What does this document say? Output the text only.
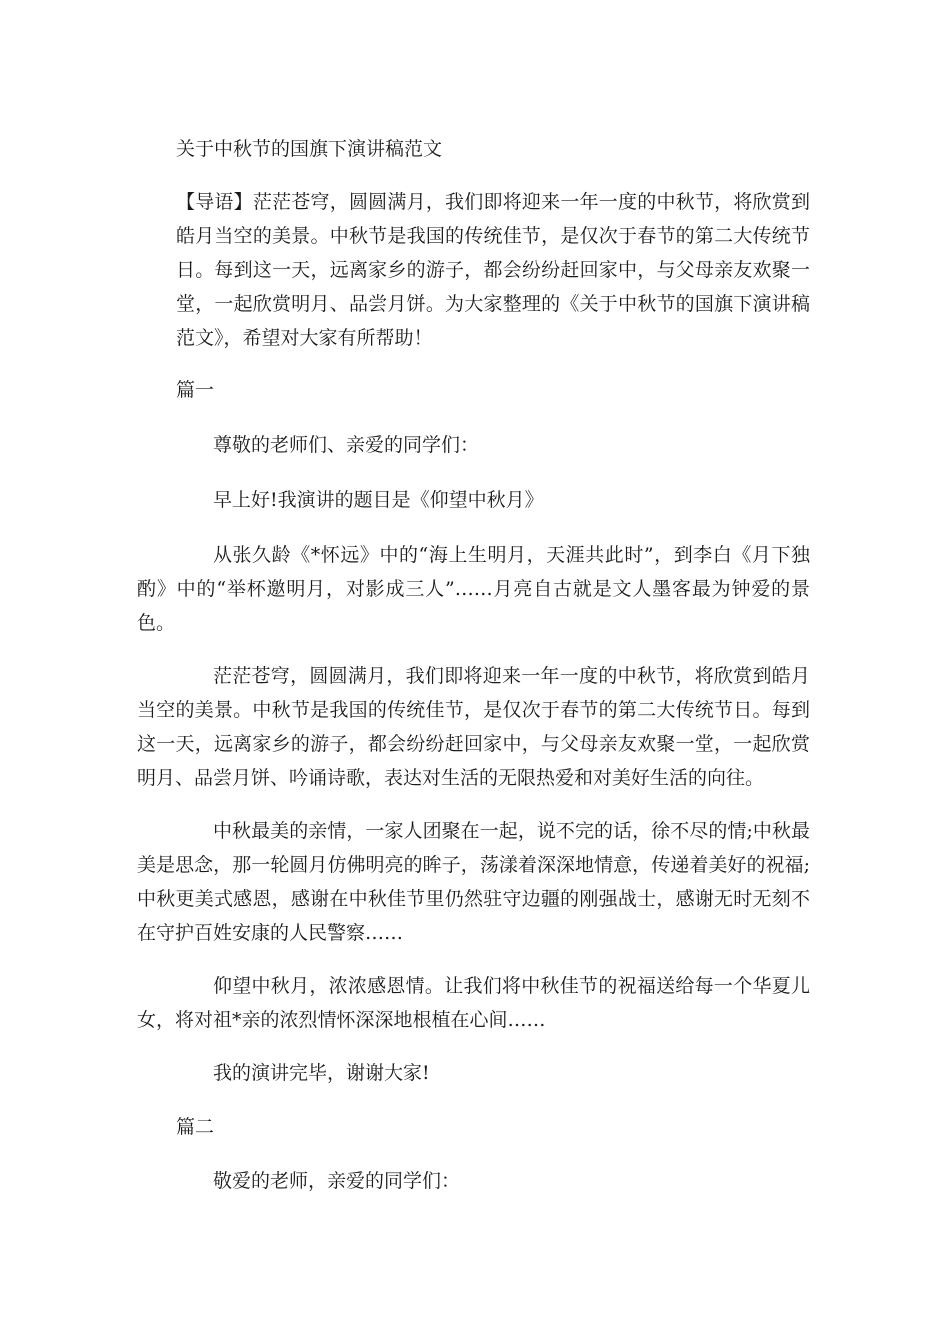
关于中秋节的国旗下演讲稿范文

【导语】茫茫苍穹，圆圆满月，我们即将迎来一年一度的中秋节，将欣赏到皓月当空的美景。中秋节是我国的传统佳节，是仅次于春节的第二大传统节日。每到这一天，远离家乡的游子，都会纷纷赶回家中，与父母亲友欢聚一堂，一起欣赏明月、品尝月饼。为大家整理的《关于中秋节的国旗下演讲稿范文》，希望对大家有所帮助！

篇一

尊敬的老师们、亲爱的同学们：

早上好!我演讲的题目是《仰望中秋月》

从张久龄《*怀远》中的“海上生明月，天涯共此时”，到李白《月下独酌》中的“举杯邀明月，对影成三人”……月亮自古就是文人墨客最为钟爱的景色。

茫茫苍穹，圆圆满月，我们即将迎来一年一度的中秋节，将欣赏到皓月当空的美景。中秋节是我国的传统佳节，是仅次于春节的第二大传统节日。每到这一天，远离家乡的游子，都会纷纷赶回家中，与父母亲友欢聚一堂，一起欣赏明月、品尝月饼、吟诵诗歌，表达对生活的无限热爱和对美好生活的向往。

中秋最美的亲情，一家人团聚在一起，说不完的话，徐不尽的情;中秋最美是思念，那一轮圆月仿佛明亮的眸子，荡漾着深深地情意，传递着美好的祝福;中秋更美式感恩，感谢在中秋佳节里仍然驻守边疆的刚强战士，感谢无时无刻不在守护百姓安康的人民警察……

仰望中秋月，浓浓感恩情。让我们将中秋佳节的祝福送给每一个华夏儿女，将对祖*亲的浓烈情怀深深地根植在心间……

我的演讲完毕，谢谢大家!

篇二

敬爱的老师，亲爱的同学们：
